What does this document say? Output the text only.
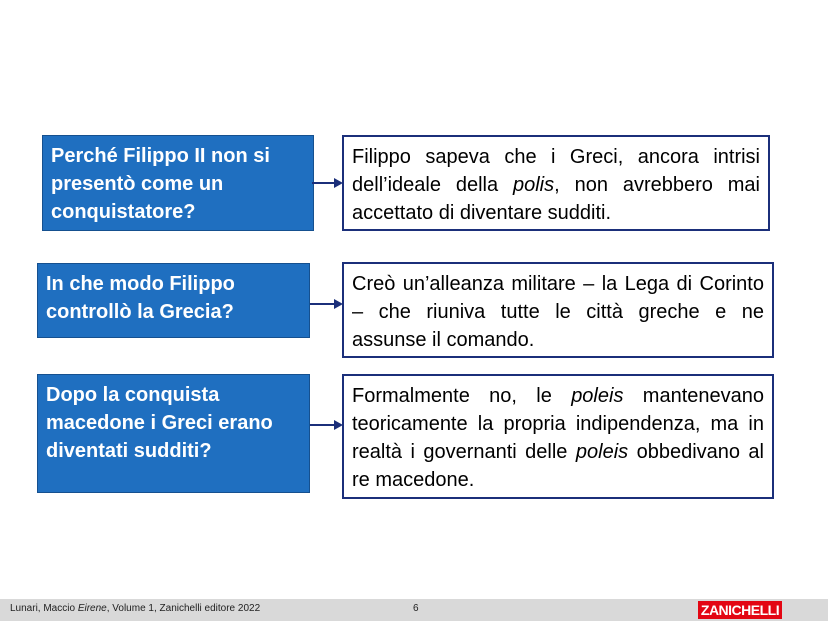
Perché Filippo II non si presentò come un conquistatore?
Filippo sapeva che i Greci, ancora intrisi dell’ideale della polis, non avrebbero mai accettato di diventare sudditi.
In che modo Filippo controllò la Grecia?
Creò un’alleanza militare – la Lega di Corinto – che riuniva tutte le città greche e ne assunse il comando.
Dopo la conquista macedone i Greci erano diventati sudditi?
Formalmente no, le poleis mantenevano teoricamente la propria indipendenza, ma in realtà i governanti delle poleis obbedivano al re macedone.
Lunari, Maccio Eirene, Volume 1, Zanichelli editore 2022	6	ZANICHELLI
